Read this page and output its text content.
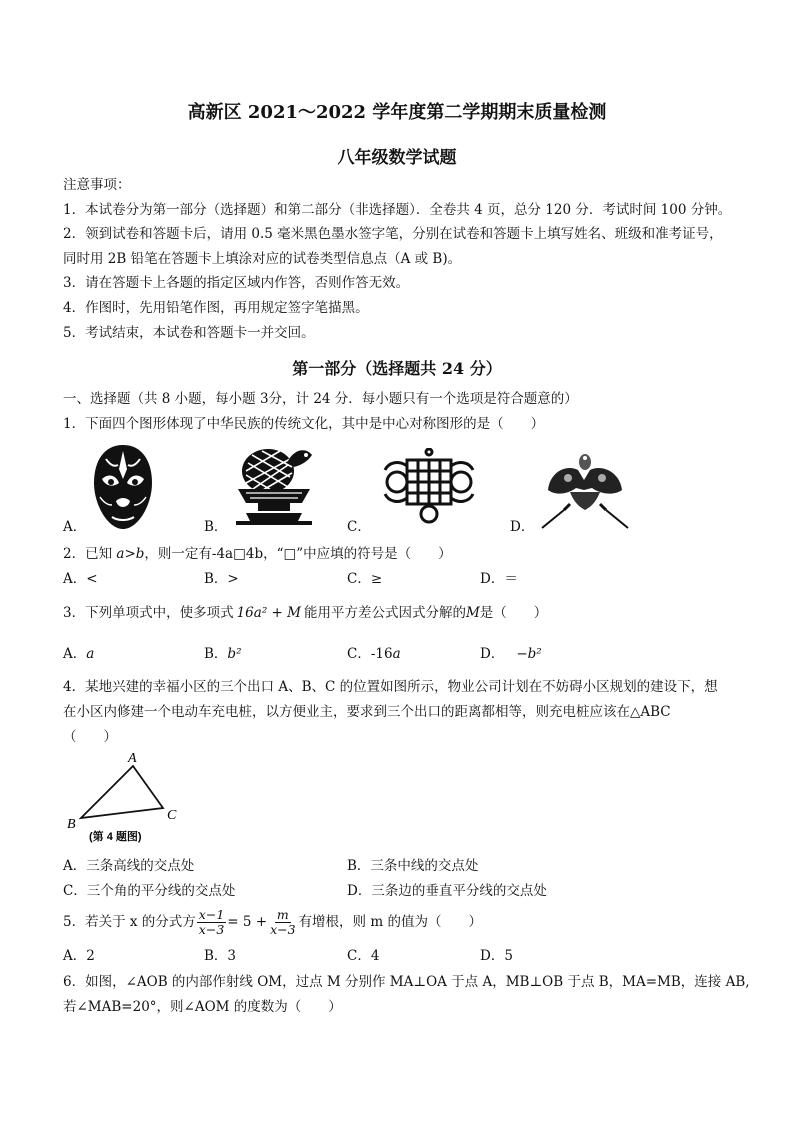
高新区 2021～2022 学年度第二学期期末质量检测
八年级数学试题
注意事项：
1．本试卷分为第一部分（选择题）和第二部分（非选择题）．全卷共 4 页，总分 120 分．考试时间 100 分钟。
2．领到试卷和答题卡后，请用 0.5 毫米黑色墨水签字笔，分别在试卷和答题卡上填写姓名、班级和准考证号，
同时用 2B 铅笔在答题卡上填涂对应的试卷类型信息点（A 或 B)。
3．请在答题卡上各题的指定区域内作答，否则作答无效。
4．作图时，先用铅笔作图，再用规定签字笔描黑。
5．考试结束，本试卷和答题卡一并交回。
第一部分（选择题共 24 分）
一、选择题（共 8 小题，每小题 3分，计 24 分．每小题只有一个选项是符合题意的）
1．下面四个图形体现了中华民族的传统文化，其中是中心对称图形的是（　　）
A．	B．	C．	D．
2．已知 a>b，则一定有-4a□4b，“□”中应填的符号是（　　）
A．<	B．>	C．≥	D．＝
3．下列单项式中，使多项式 16a² + M 能用平方差公式因式分解的M是（　　）
A．a	B．b²	C．-16a	D． −b²
4．某地兴建的幸福小区的三个出口 A、B、C 的位置如图所示，物业公司计划在不妨碍小区规划的建设下，想
在小区内修建一个电动车充电桩，以方便业主，要求到三个出口的距离都相等，则充电桩应该在△ABC
（　　）
A
B
C
(第 4 题图)
A．三条高线的交点处	B．三条中线的交点处
C．三个角的平分线的交点处	D．三条边的垂直平分线的交点处
5．若关于 x 的分式方 $\frac{x-1}{x-3} = 5 + \frac{m}{x-3}$ 有增根，则 m 的值为（　　）
A．2	B．3	C．4	D．5
6．如图，∠AOB 的内部作射线 OM，过点 M 分别作 MA⊥OA 于点 A，MB⊥OB 于点 B，MA=MB，连接 AB,
若∠MAB=20°，则∠AOM 的度数为（　　）
